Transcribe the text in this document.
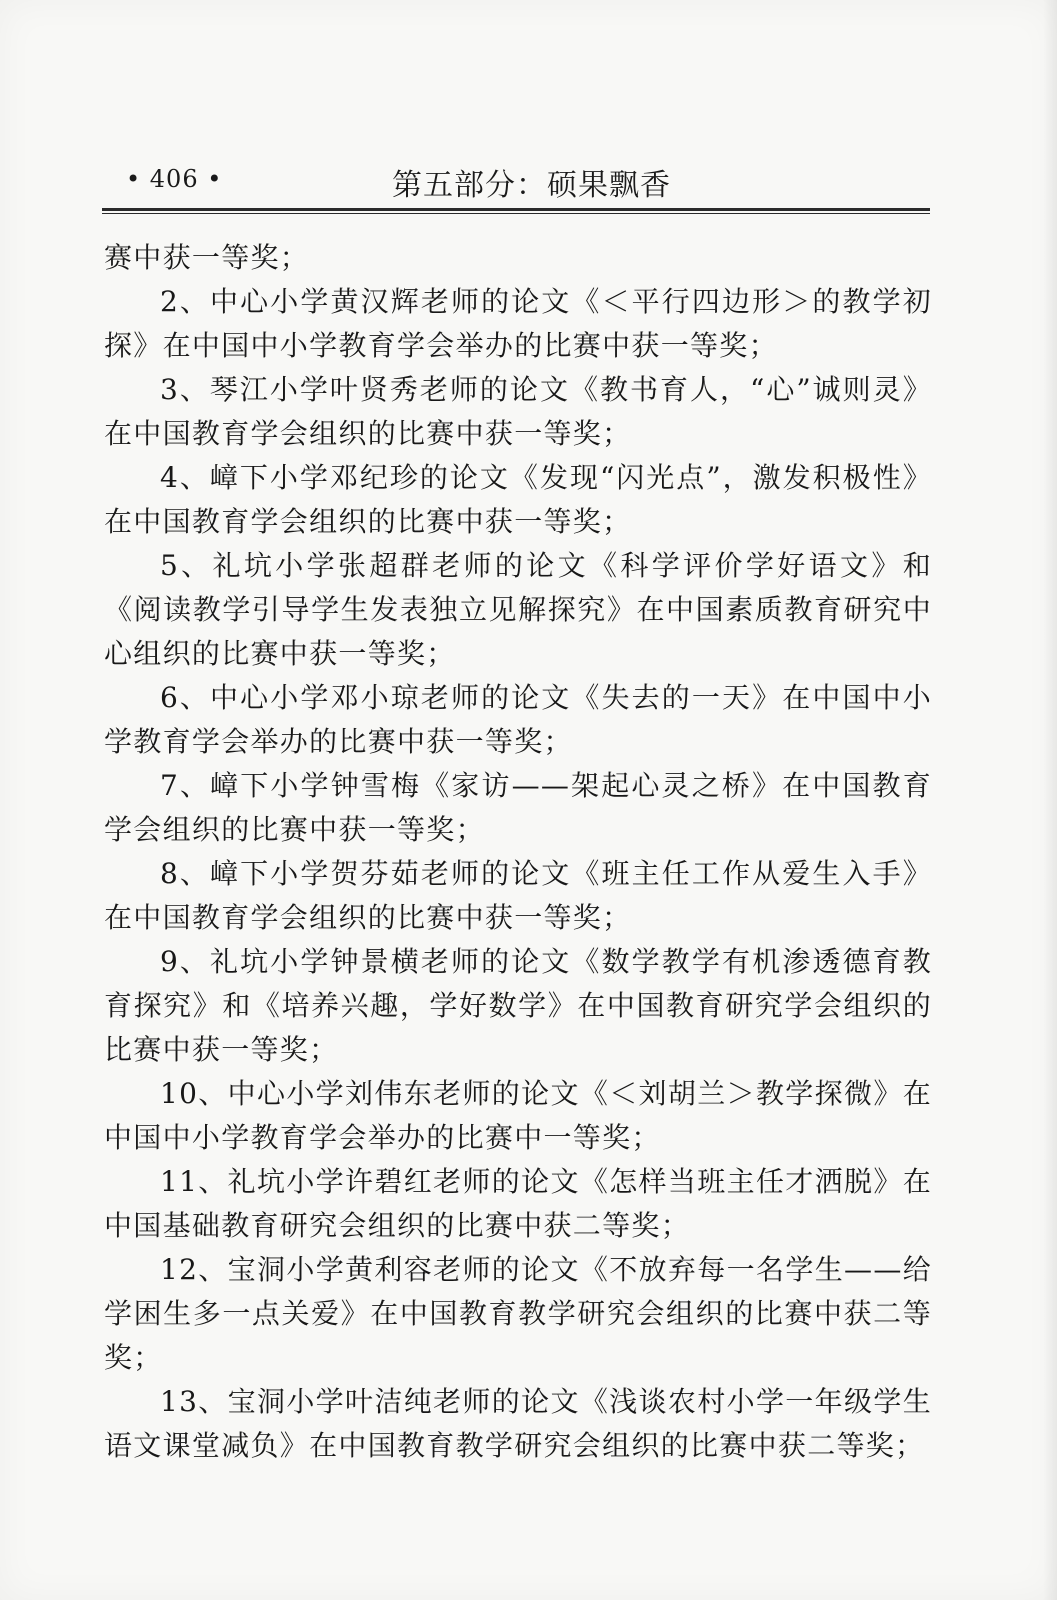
• 406 •	第五部分：硕果飘香

赛中获一等奖；

2、中心小学黄汉辉老师的论文《＜平行四边形＞的教学初探》在中国中小学教育学会举办的比赛中获一等奖；

3、琴江小学叶贤秀老师的论文《教书育人，“心”诚则灵》在中国教育学会组织的比赛中获一等奖；

4、嶂下小学邓纪珍的论文《发现“闪光点”，激发积极性》在中国教育学会组织的比赛中获一等奖；

5、礼坑小学张超群老师的论文《科学评价学好语文》和《阅读教学引导学生发表独立见解探究》在中国素质教育研究中心组织的比赛中获一等奖；

6、中心小学邓小琼老师的论文《失去的一天》在中国中小学教育学会举办的比赛中获一等奖；

7、嶂下小学钟雪梅《家访——架起心灵之桥》在中国教育学会组织的比赛中获一等奖；

8、嶂下小学贺芬茹老师的论文《班主任工作从爱生入手》在中国教育学会组织的比赛中获一等奖；

9、礼坑小学钟景横老师的论文《数学教学有机渗透德育教育探究》和《培养兴趣，学好数学》在中国教育研究学会组织的比赛中获一等奖；

10、中心小学刘伟东老师的论文《＜刘胡兰＞教学探微》在中国中小学教育学会举办的比赛中一等奖；

11、礼坑小学许碧红老师的论文《怎样当班主任才洒脱》在中国基础教育研究会组织的比赛中获二等奖；

12、宝洞小学黄利容老师的论文《不放弃每一名学生——给学困生多一点关爱》在中国教育教学研究会组织的比赛中获二等奖；

13、宝洞小学叶洁纯老师的论文《浅谈农村小学一年级学生语文课堂减负》在中国教育教学研究会组织的比赛中获二等奖；
